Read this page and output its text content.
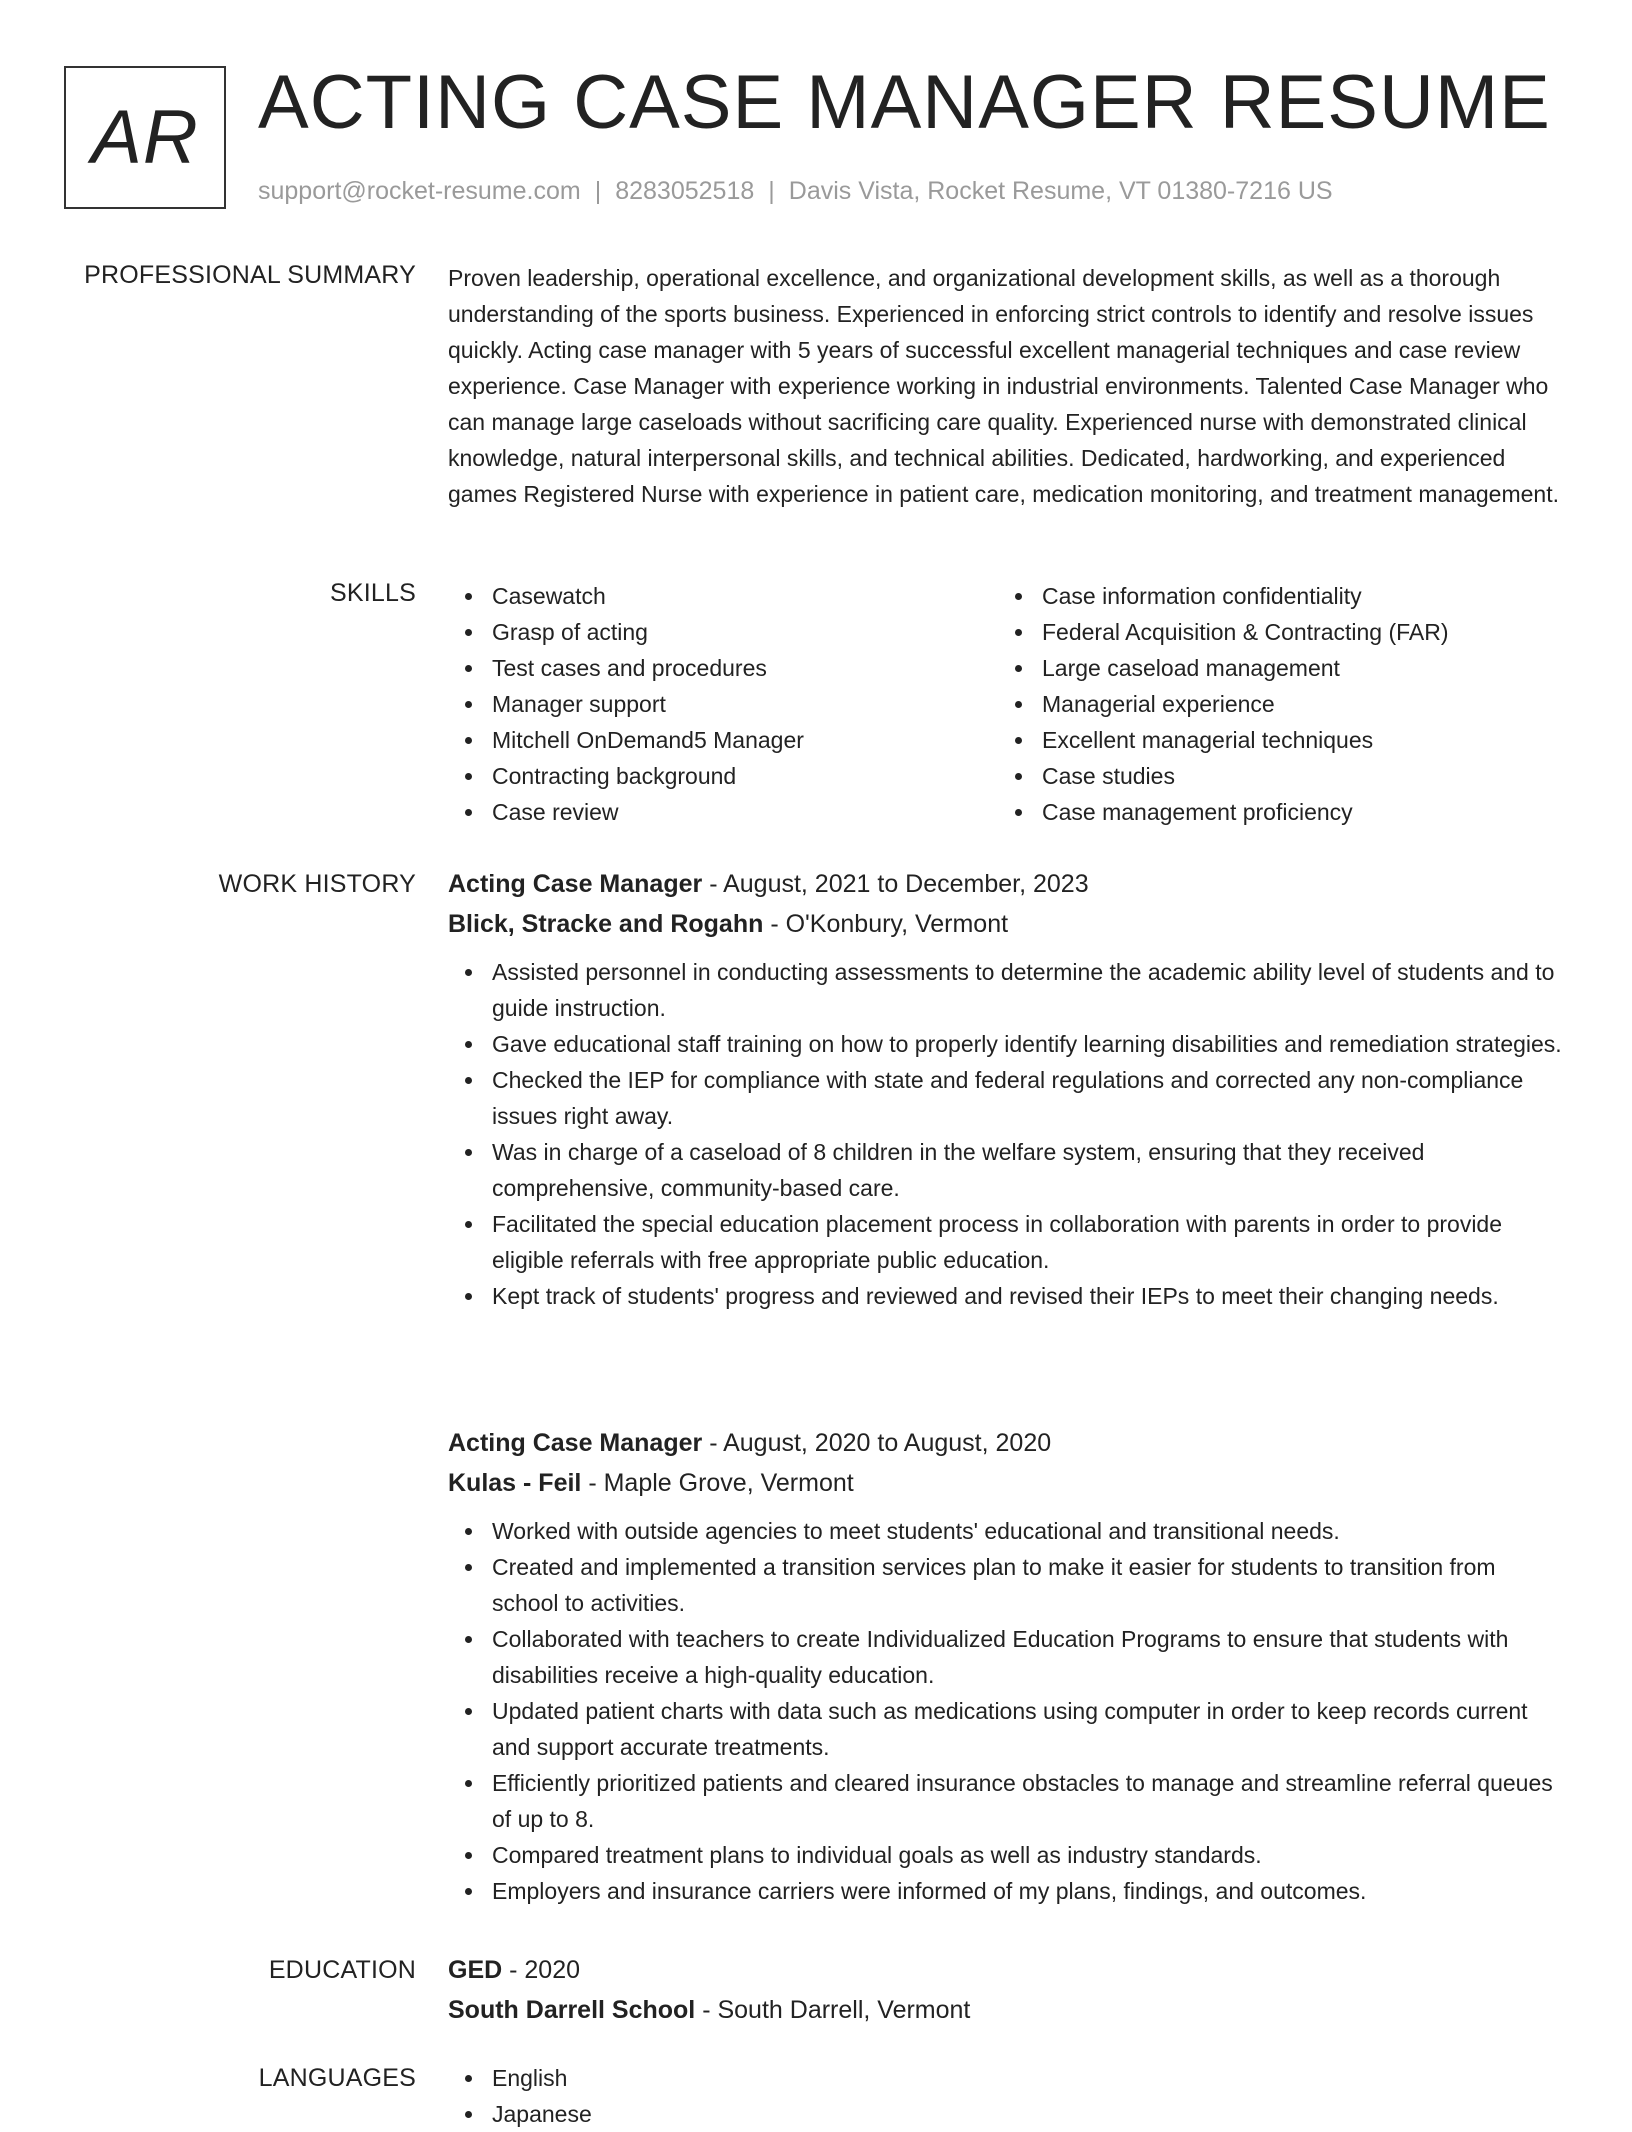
AR ACTING CASE MANAGER RESUME
support@rocket-resume.com | 8283052518 | Davis Vista, Rocket Resume, VT 01380-7216 US
PROFESSIONAL SUMMARY Proven leadership, operational excellence, and organizational development skills, as well as a thorough understanding of the sports business. Experienced in enforcing strict controls to identify and resolve issues quickly. Acting case manager with 5 years of successful excellent managerial techniques and case review experience. Case Manager with experience working in industrial environments. Talented Case Manager who can manage large caseloads without sacrificing care quality. Experienced nurse with demonstrated clinical knowledge, natural interpersonal skills, and technical abilities. Dedicated, hardworking, and experienced games Registered Nurse with experience in patient care, medication monitoring, and treatment management.
SKILLS	Casewatch
Grasp of acting
Test cases and procedures
Manager support
Mitchell OnDemand5 Manager
Contracting background
Case review
Case information confidentiality
Federal Acquisition & Contracting (FAR)
Large caseload management
Managerial experience
Excellent managerial techniques
Case studies
Case management proficiency
WORK HISTORY Acting Case Manager - August, 2021 to December, 2023
Blick, Stracke and Rogahn - O'Konbury, Vermont
Assisted personnel in conducting assessments to determine the academic ability level of students and to guide instruction.
Gave educational staff training on how to properly identify learning disabilities and remediation strategies.
Checked the IEP for compliance with state and federal regulations and corrected any non-compliance issues right away.
Was in charge of a caseload of 8 children in the welfare system, ensuring that they received comprehensive, community-based care.
Facilitated the special education placement process in collaboration with parents in order to provide eligible referrals with free appropriate public education.
Kept track of students' progress and reviewed and revised their IEPs to meet their changing needs.
Acting Case Manager - August, 2020 to August, 2020
Kulas - Feil - Maple Grove, Vermont
Worked with outside agencies to meet students' educational and transitional needs.
Created and implemented a transition services plan to make it easier for students to transition from school to activities.
Collaborated with teachers to create Individualized Education Programs to ensure that students with disabilities receive a high-quality education.
Updated patient charts with data such as medications using computer in order to keep records current and support accurate treatments.
Efficiently prioritized patients and cleared insurance obstacles to manage and streamline referral queues of up to 8.
Compared treatment plans to individual goals as well as industry standards.
Employers and insurance carriers were informed of my plans, findings, and outcomes.
EDUCATION GED - 2020
South Darrell School - South Darrell, Vermont
LANGUAGES	English
Japanese
